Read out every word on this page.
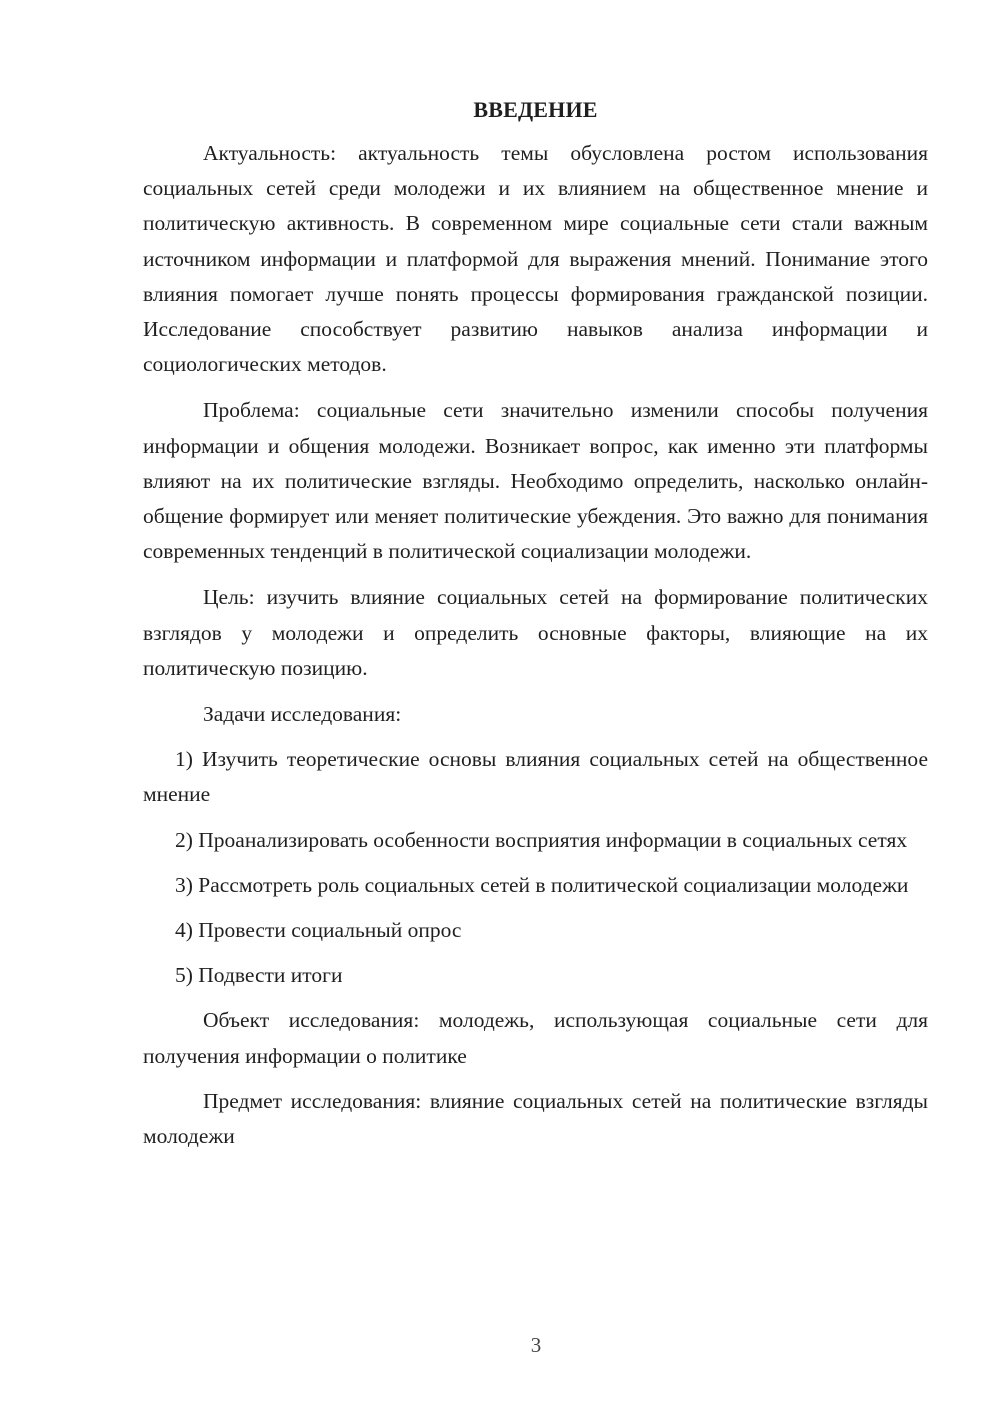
ВВЕДЕНИЕ

Актуальность: актуальность темы обусловлена ростом использования социальных сетей среди молодежи и их влиянием на общественное мнение и политическую активность. В современном мире социальные сети стали важным источником информации и платформой для выражения мнений. Понимание этого влияния помогает лучше понять процессы формирования гражданской позиции. Исследование способствует развитию навыков анализа информации и социологических методов.

Проблема: социальные сети значительно изменили способы получения информации и общения молодежи. Возникает вопрос, как именно эти платформы влияют на их политические взгляды. Необходимо определить, насколько онлайн-общение формирует или меняет политические убеждения. Это важно для понимания современных тенденций в политической социализации молодежи.

Цель: изучить влияние социальных сетей на формирование политических взглядов у молодежи и определить основные факторы, влияющие на их политическую позицию.

Задачи исследования:

1) Изучить теоретические основы влияния социальных сетей на общественное мнение

2) Проанализировать особенности восприятия информации в социальных сетях

3) Рассмотреть роль социальных сетей в политической социализации молодежи

4) Провести социальный опрос

5) Подвести итоги

Объект исследования: молодежь, использующая социальные сети для получения информации о политике

Предмет исследования: влияние социальных сетей на политические взгляды молодежи

3
